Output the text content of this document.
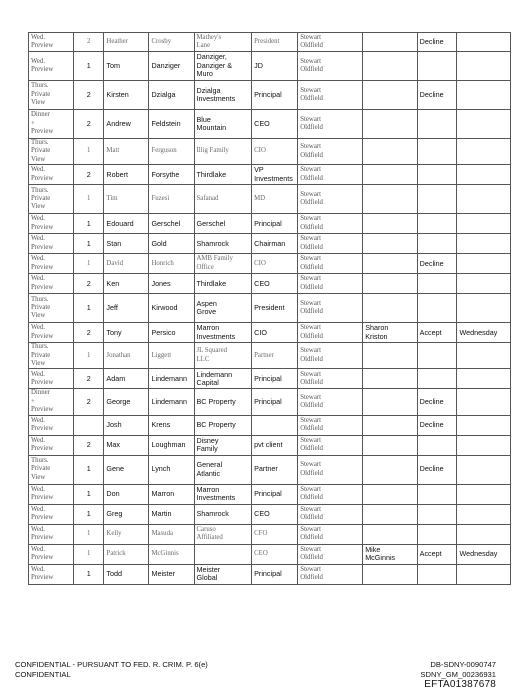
Wed.
Preview	2	Heather	Crosby	Mathey's
Lane	President	Stewart
Oldfield		Decline	
Wed.
Preview	1	Tom	Danziger	Danziger,
Danziger &
Muro	JD	Stewart
Oldfield			
Thurs.
Private
View	2	Kirsten	Dzialga	Dzialga
Investments	Principal	Stewart
Oldfield		Decline	
Dinner
+
Preview	2	Andrew	Feldstein	Blue
Mountain	CEO	Stewart
Oldfield			
Thurs.
Private
View	1	Matt	Ferguson	Illig Family	CIO	Stewart
Oldfield			
Wed.
Preview	2	Robert	Forsythe	Thirdlake	VP
Investments	Stewart
Oldfield			
Thurs.
Private
View	1	Tim	Fuzesi	Safanad	MD	Stewart
Oldfield			
Wed.
Preview	1	Edouard	Gerschel	Gerschel	Principal	Stewart
Oldfield			
Wed.
Preview	1	Stan	Gold	Shamrock	Chairman	Stewart
Oldfield			
Wed.
Preview	1	David	Honrich	AMB Family
Office	CIO	Stewart
Oldfield		Decline	
Wed.
Preview	2	Ken	Jones	Thirdlake	CEO	Stewart
Oldfield			
Thurs.
Private
View	1	Jeff	Kirwood	Aspen
Grove	President	Stewart
Oldfield			
Wed.
Preview	2	Tony	Persico	Marron
Investments	CIO	Stewart
Oldfield	Sharon
Kriston	Accept	Wednesday
Thurs.
Private
View	1	Jonathan	Liggett	JL Squared
LLC	Partner	Stewart
Oldfield			
Wed.
Preview	2	Adam	Lindemann	Lindemann
Capital	Principal	Stewart
Oldfield			
Dinner
+
Preview	2	George	Lindemann	BC Property	Principal	Stewart
Oldfield		Decline	
Wed.
Preview		Josh	Krens	BC Property		Stewart
Oldfield		Decline	
Wed.
Preview	2	Max	Loughman	Disney
Family	pvt client	Stewart
Oldfield			
Thurs.
Private
View	1	Gene	Lynch	General
Atlantic	Partner	Stewart
Oldfield		Decline	
Wed.
Preview	1	Don	Marron	Marron
Investments	Principal	Stewart
Oldfield			
Wed.
Preview	1	Greg	Martin	Shamrock	CEO	Stewart
Oldfield			
Wed.
Preview	1	Kelly	Masuda	Caruso
Affiliated	CFO	Stewart
Oldfield			
Wed.
Preview	1	Patrick	McGinnis		CEO	Stewart
Oldfield	Mike
McGinnis	Accept	Wednesday
Wed.
Preview	1	Todd	Meister	Meister
Global	Principal	Stewart
Oldfield			
CONFIDENTIAL - PURSUANT TO FED. R. CRIM. P. 6(e)
CONFIDENTIAL
DB-SDNY-0090747
SDNY_GM_00236931
EFTA01387678
